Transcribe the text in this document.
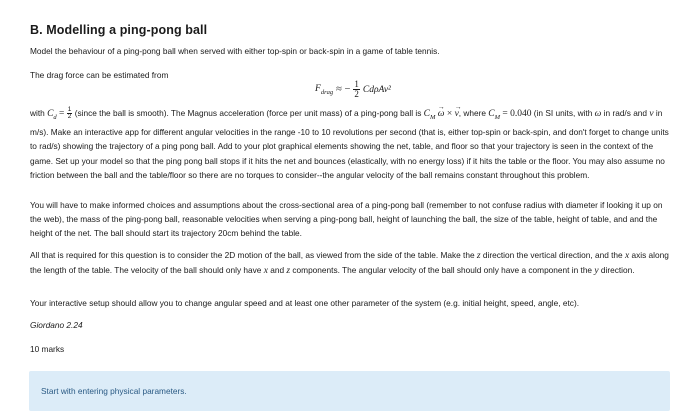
B. Modelling a ping-pong ball

Model the behaviour of a ping-pong ball when served with either top-spin or back-spin in a game of table tennis.

The drag force can be estimated from

$F_{drag}$ ≈ − $\frac{1}{2} Cd\rho Av^2$

with $C_d = \frac{1}{2}$ (since the ball is smooth). The Magnus acceleration (force per unit mass) of a ping-pong ball is $C_M \to \omega$ × → v, where $C_M = 0.040$ (in SI units, with ω in rad/s and v in m/s). Make an interactive app for different angular velocities in the range -10 to 10 revolutions per second (that is, either top-spin or back-spin, and don't forget to change units to rad/s) showing the trajectory of a ping pong ball. Add to your plot graphical elements showing the net, table, and floor so that your trajectory is seen in the context of the game. Set up your model so that the ping pong ball stops if it hits the net and bounces (elastically, with no energy loss) if it hits the table or the floor. You may also assume no friction between the ball and the table/floor so there are no torques to consider--the angular velocity of the ball remains constant throughout this problem.

You will have to make informed choices and assumptions about the cross-sectional area of a ping-pong ball (remember to not confuse radius with diameter if looking it up on the web), the mass of the ping-pong ball, reasonable velocities when serving a ping-pong ball, height of launching the ball, the size of the table, height of table, and and the height of the net. The ball should start its trajectory 20cm behind the table.

All that is required for this question is to consider the 2D motion of the ball, as viewed from the side of the table. Make the z direction the vertical direction, and the x axis along the length of the table. The velocity of the ball should only have x and z components. The angular velocity of the ball should only have a component in the y direction.

Your interactive setup should allow you to change angular speed and at least one other parameter of the system (e.g. initial height, speed, angle, etc).

Giordano 2.24
10 marks
Start with entering physical parameters.
